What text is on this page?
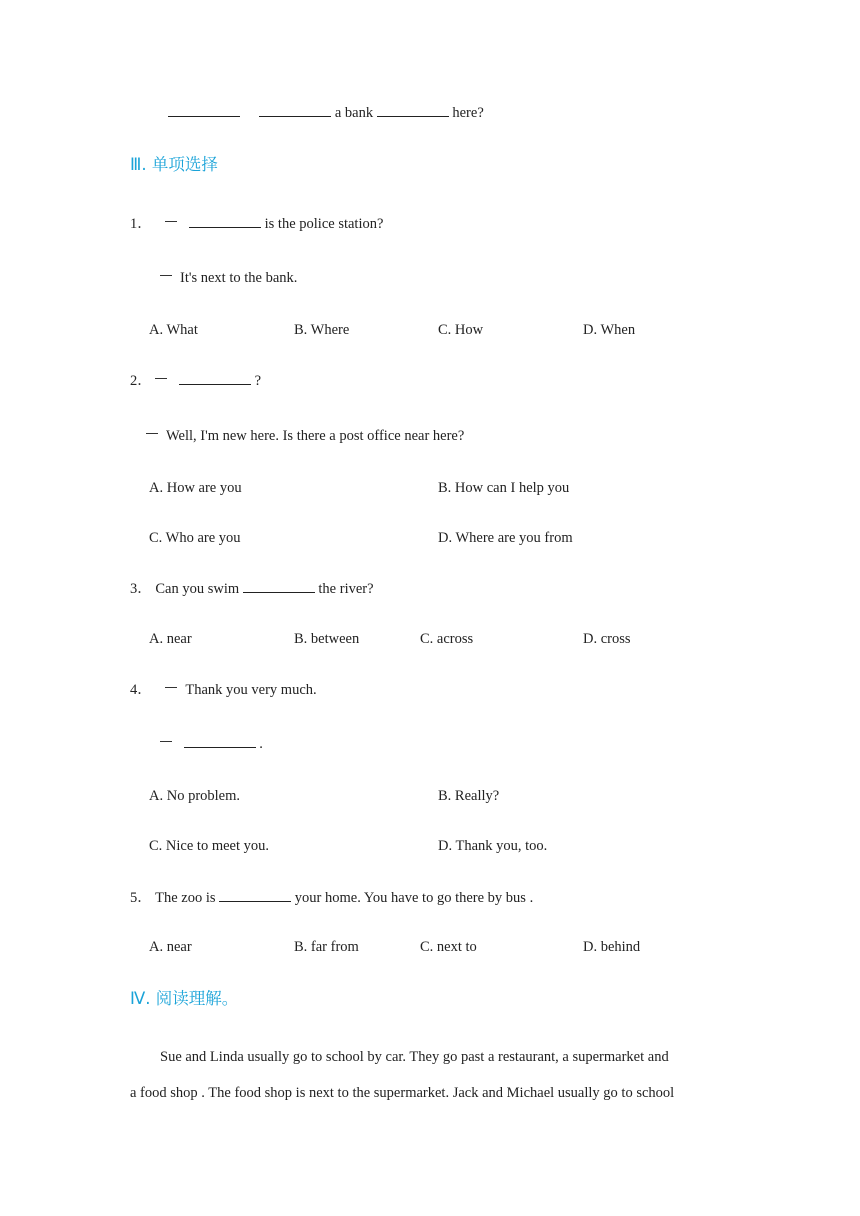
a bank	here?
Ⅲ. 单项选择
1．	is the police station?
It's next to the bank.
A. What	B. Where	C. How	D. When
2．	?
Well, I'm new here. Is there a post office near here?
A. How are you	B. How can I help you
C. Who are you	D. Where are you from
3． Can you swim	the river?
A. near	B. between	C. across	D. cross
4． Thank you very much.
.
A. No problem.	B. Really?
C. Nice to meet you.	D. Thank you, too.
5． The zoo is	your home. You have to go there by bus .
A. near	B. far from	C. next to	D. behind
Ⅳ. 阅读理解。
Sue and Linda usually go to school by car. They go past a restaurant, a supermarket and
a food shop . The food shop is next to the supermarket. Jack and Michael usually go to school
